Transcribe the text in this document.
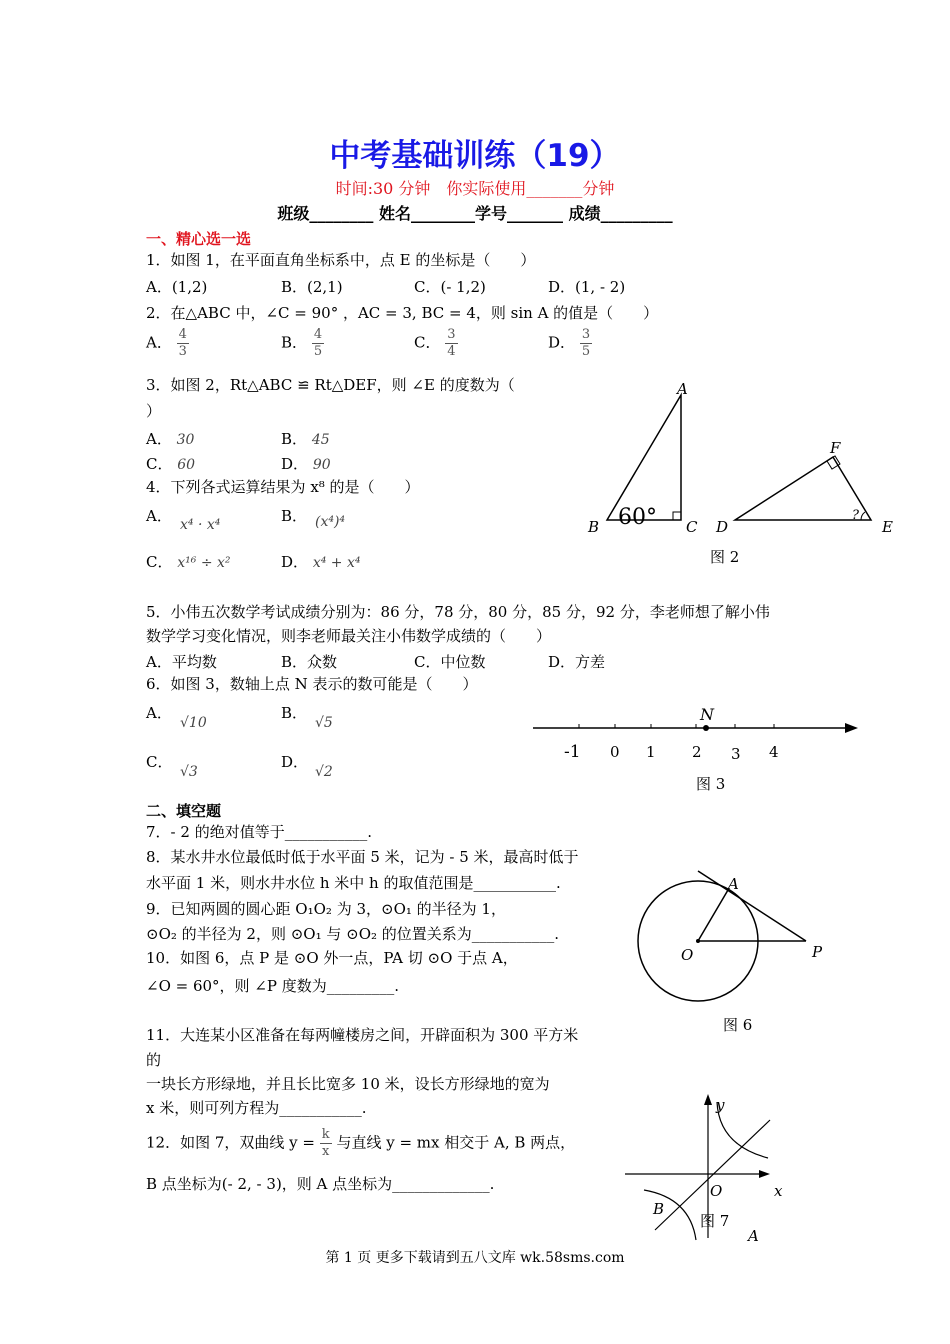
中考基础训练（19）
时间:30 分钟　你实际使用_______分钟
班级________ 姓名________学号_______ 成绩_________
一、精心选一选
1．如图 1，在平面直角坐标系中，点 E 的坐标是（　　）
A．(1,2)	B．(2,1)	C．(- 1,2)	D．(1, - 2)
2．在△ABC 中，∠C = 90° ，AC = 3, BC = 4，则 sin A 的值是（　　）
A． $\frac{4}{3}$	B． $\frac{4}{5}$	C． $\frac{3}{4}$	D． $\frac{3}{5}$
3．如图 2，Rt△ABC ≌ Rt△DEF，则 ∠E 的度数为（
）
A． 30	B． 45
C． 60	D． 90
4．下列各式运算结果为 x⁸ 的是（　　）
A． x⁴ · x⁴	B． (x⁴)⁴
C． x¹⁶ ÷ x²	D． x⁴ + x⁴
5．小伟五次数学考试成绩分别为：86 分，78 分，80 分，85 分，92 分，李老师想了解小伟
数学学习变化情况，则李老师最关注小伟数学成绩的（　　）
A．平均数	B．众数	C．中位数	D．方差
6．如图 3，数轴上点 N 表示的数可能是（　　）
A．
√10
B．
√5
C．
√3
D．
√2
二、填空题
7．- 2 的绝对值等于___________.
8．某水井水位最低时低于水平面 5 米，记为 - 5 米，最高时低于
水平面 1 米，则水井水位 h 米中 h 的取值范围是___________.
9．已知两圆的圆心距 O₁O₂ 为 3，⊙O₁ 的半径为 1，
⊙O₂ 的半径为 2，则 ⊙O₁ 与 ⊙O₂ 的位置关系为___________.
10．如图 6，点 P 是 ⊙O 外一点，PA 切 ⊙O 于点 A，
∠O = 60°，则 ∠P 度数为_________.
11．大连某小区准备在每两幢楼房之间，开辟面积为 300 平方米
的
一块长方形绿地，并且长比宽多 10 米，设长方形绿地的宽为
x 米，则可列方程为___________.
12．如图 7，双曲线 $y = \frac{k}{x}$ 与直线 y = mx 相交于 A, B 两点，
B 点坐标为(- 2, - 3)，则 A 点坐标为_____________.
A
B	C D	E
F
60°	?
图 2
N
-1 0 1 2 3 4
图 3
A
O	P
图 6
y
x
O
B
A
图 7
第 1 页 更多下载请到五八文库 wk.58sms.com
